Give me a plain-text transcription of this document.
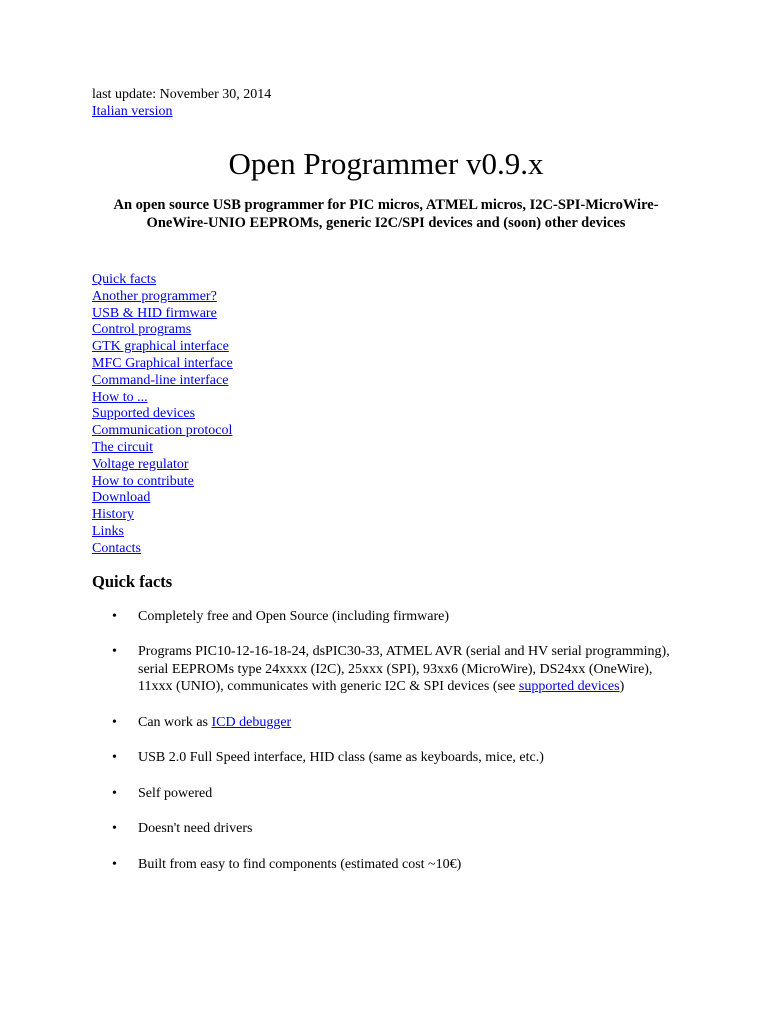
last update: November 30, 2014

Italian version
Open Programmer v0.9.x

An open source USB programmer for PIC micros, ATMEL micros, I2C-SPI-MicroWire-OneWire-UNIO EEPROMs, generic I2C/SPI devices and (soon) other devices

Quick facts
Another programmer?
USB & HID firmware
Control programs
GTK graphical interface
MFC Graphical interface
Command-line interface
How to ...
Supported devices
Communication protocol
The circuit
Voltage regulator
How to contribute
Download
History
Links
Contacts
Quick facts
• Completely free and Open Source (including firmware)
• Programs PIC10-12-16-18-24, dsPIC30-33, ATMEL AVR (serial and HV serial programming), serial EEPROMs type 24xxxx (I2C), 25xxx (SPI), 93xx6 (MicroWire), DS24xx (OneWire), 11xxx (UNIO), communicates with generic I2C & SPI devices (see supported devices)
• Can work as ICD debugger
• USB 2.0 Full Speed interface, HID class (same as keyboards, mice, etc.)
• Self powered
• Doesn't need drivers
• Built from easy to find components (estimated cost ~10€)
